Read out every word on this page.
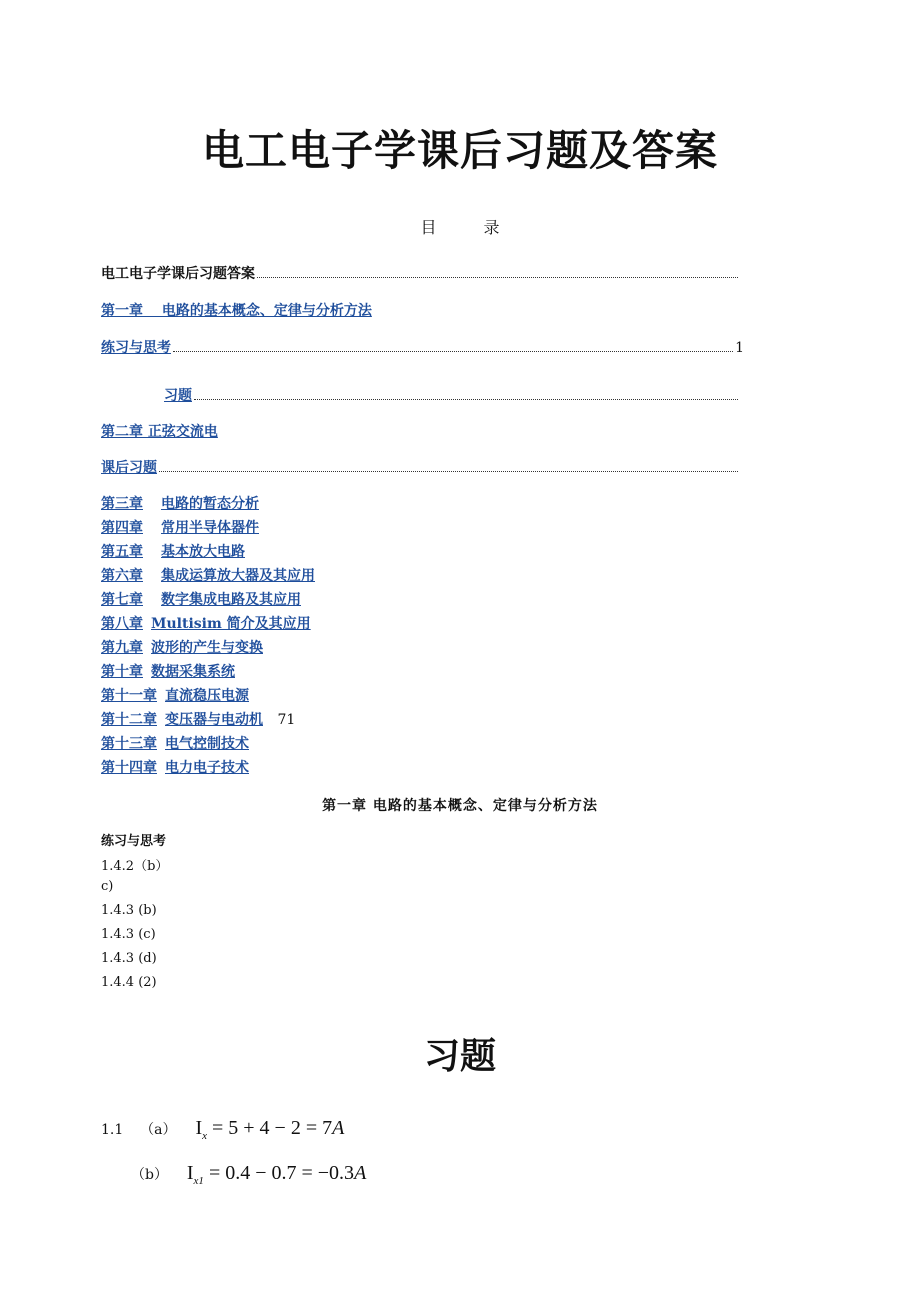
电工电子学课后习题及答案
目 录
电工电子学课后习题答案
第一章　 电路的基本概念、定律与分析方法
练习与思考	1
习题
第二章 正弦交流电
课后习题
第三章 电路的暂态分析
第四章 常用半导体器件
第五章 基本放大电路
第六章 集成运算放大器及其应用
第七章 数字集成电路及其应用
第八章 Multisim 简介及其应用
第九章 波形的产生与变换
第十章 数据采集系统
第十一章 直流稳压电源
第十二章 变压器与电动机 71
第十三章 电气控制技术
第十四章 电力电子技术
第一章 电路的基本概念、定律与分析方法
练习与思考
1.4.2（b）
c)
1.4.3 (b)
1.4.3 (c)
1.4.3 (d)
1.4.4 (2)
习题
1.1 （a） $I_x = 5 + 4 - 2 = 7A$
（b） $I_{x1} = 0.4 - 0.7 = -0.3A$
